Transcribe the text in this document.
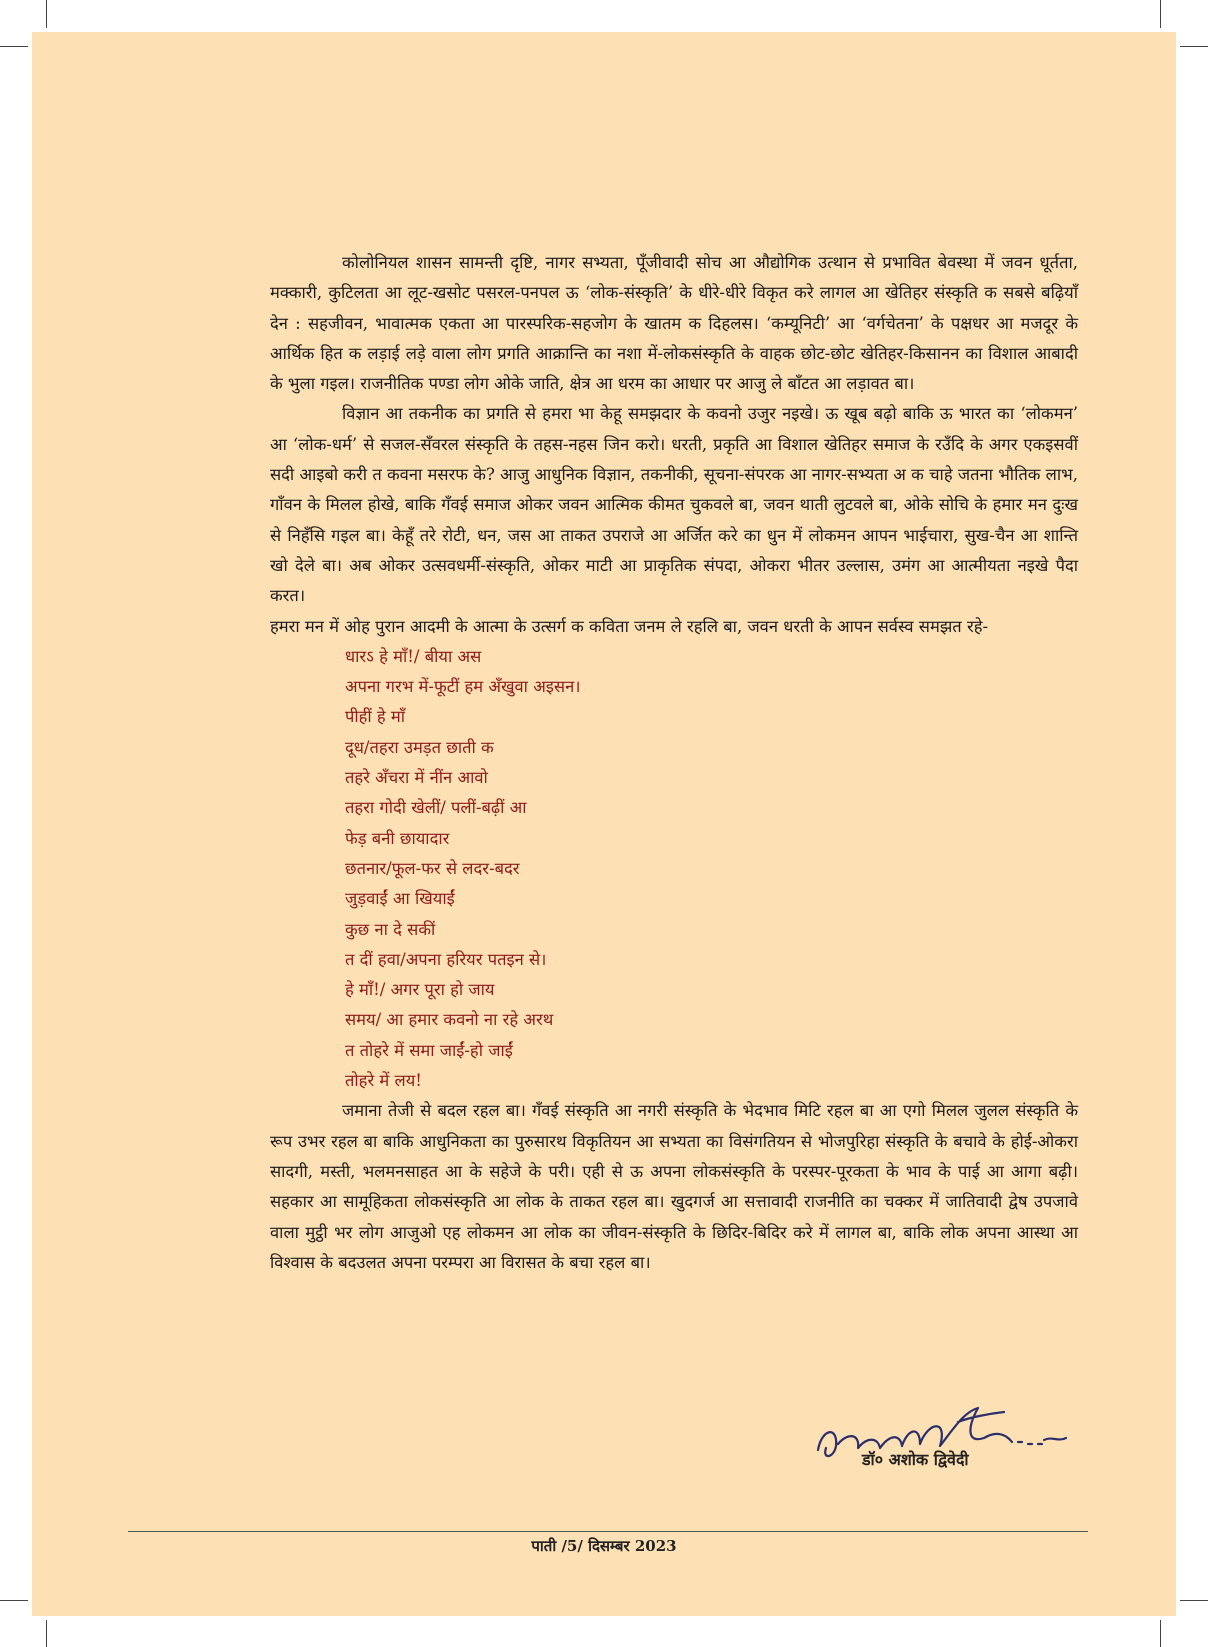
कोलोनियल शासन सामन्ती दृष्टि, नागर सभ्यता, पूँजीवादी सोच आ औद्योगिक उत्थान से प्रभावित बेवस्था में जवन धूर्तता, मक्कारी, कुटिलता आ लूट-खसोट पसरल-पनपल ऊ ‘लोक-संस्कृति’ के धीरे-धीरे विकृत करे लागल आ खेतिहर संस्कृति क सबसे बढ़ियाँ देन : सहजीवन, भावात्मक एकता आ पारस्परिक-सहजोग के खातम क दिहलस। ‘कम्यूनिटी’ आ ‘वर्गचेतना’ के पक्षधर आ मजदूर के आर्थिक हित क लड़ाई लड़े वाला लोग प्रगति आक्रान्ति का नशा में-लोकसंस्कृति के वाहक छोट-छोट खेतिहर-किसानन का विशाल आबादी के भुला गइल। राजनीतिक पण्डा लोग ओके जाति, क्षेत्र आ धरम का आधार पर आजु ले बाँटत आ लड़ावत बा।

विज्ञान आ तकनीक का प्रगति से हमरा भा केहू समझदार के कवनो उजुर नइखे। ऊ खूब बढ़ो बाकि ऊ भारत का ‘लोकमन’ आ ‘लोक-धर्म’ से सजल-सँवरल संस्कृति के तहस-नहस जिन करो। धरती, प्रकृति आ विशाल खेतिहर समाज के रउँदि के अगर एकइसवीं सदी आइबो करी त कवना मसरफ के? आजु आधुनिक विज्ञान, तकनीकी, सूचना-संपरक आ नागर-सभ्यता अ क चाहे जतना भौतिक लाभ, गाँवन के मिलल होखे, बाकि गँवई समाज ओकर जवन आत्मिक कीमत चुकवले बा, जवन थाती लुटवले बा, ओके सोचि के हमार मन दुःख से निहँसि गइल बा। केहूँ तरे रोटी, धन, जस आ ताकत उपराजे आ अर्जित करे का धुन में लोकमन आपन भाईचारा, सुख-चैन आ शान्ति खो देले बा। अब ओकर उत्सवधर्मी-संस्कृति, ओकर माटी आ प्राकृतिक संपदा, ओकरा भीतर उल्लास, उमंग आ आत्मीयता नइखे पैदा करत।

हमरा मन में ओह पुरान आदमी के आत्मा के उत्सर्ग क कविता जनम ले रहलि बा, जवन धरती के आपन सर्वस्व समझत रहे-

धारऽ हे माँ!/ बीया अस
अपना गरभ में-फूटीं हम अँखुवा अइसन।
पीहीं हे माँ
दूध/तहरा उमड़त छाती क
तहरे अँचरा में नींन आवो
तहरा गोदी खेलीं/ पलीं-बढ़ीं आ
फेड़ बनी छायादार
छतनार/फूल-फर से लदर-बदर
जुड़वाईं आ खियाईं
कुछ ना दे सकीं
त दीं हवा/अपना हरियर पतइन से।
हे माँ!/ अगर पूरा हो जाय
समय/ आ हमार कवनो ना रहे अरथ
त तोहरे में समा जाईं-हो जाईं
तोहरे में लय!

जमाना तेजी से बदल रहल बा। गँवई संस्कृति आ नगरी संस्कृति के भेदभाव मिटि रहल बा आ एगो मिलल जुलल संस्कृति के रूप उभर रहल बा बाकि आधुनिकता का पुरुसारथ विकृतियन आ सभ्यता का विसंगतियन से भोजपुरिहा संस्कृति के बचावे के होई-ओकरा सादगी, मस्ती, भलमनसाहत आ के सहेजे के परी। एही से ऊ अपना लोकसंस्कृति के परस्पर-पूरकता के भाव के पाई आ आगा बढ़ी। सहकार आ सामूहिकता लोकसंस्कृति आ लोक के ताकत रहल बा। खुदगर्ज आ सत्तावादी राजनीति का चक्कर में जातिवादी द्वेष उपजावे वाला मुट्ठी भर लोग आजुओ एह लोकमन आ लोक का जीवन-संस्कृति के छिदिर-बिदिर करे में लागल बा, बाकि लोक अपना आस्था आ विश्वास के बदउलत अपना परम्परा आ विरासत के बचा रहल बा।

डॉ० अशोक द्विवेदी
पाती /5/ दिसम्बर 2023
